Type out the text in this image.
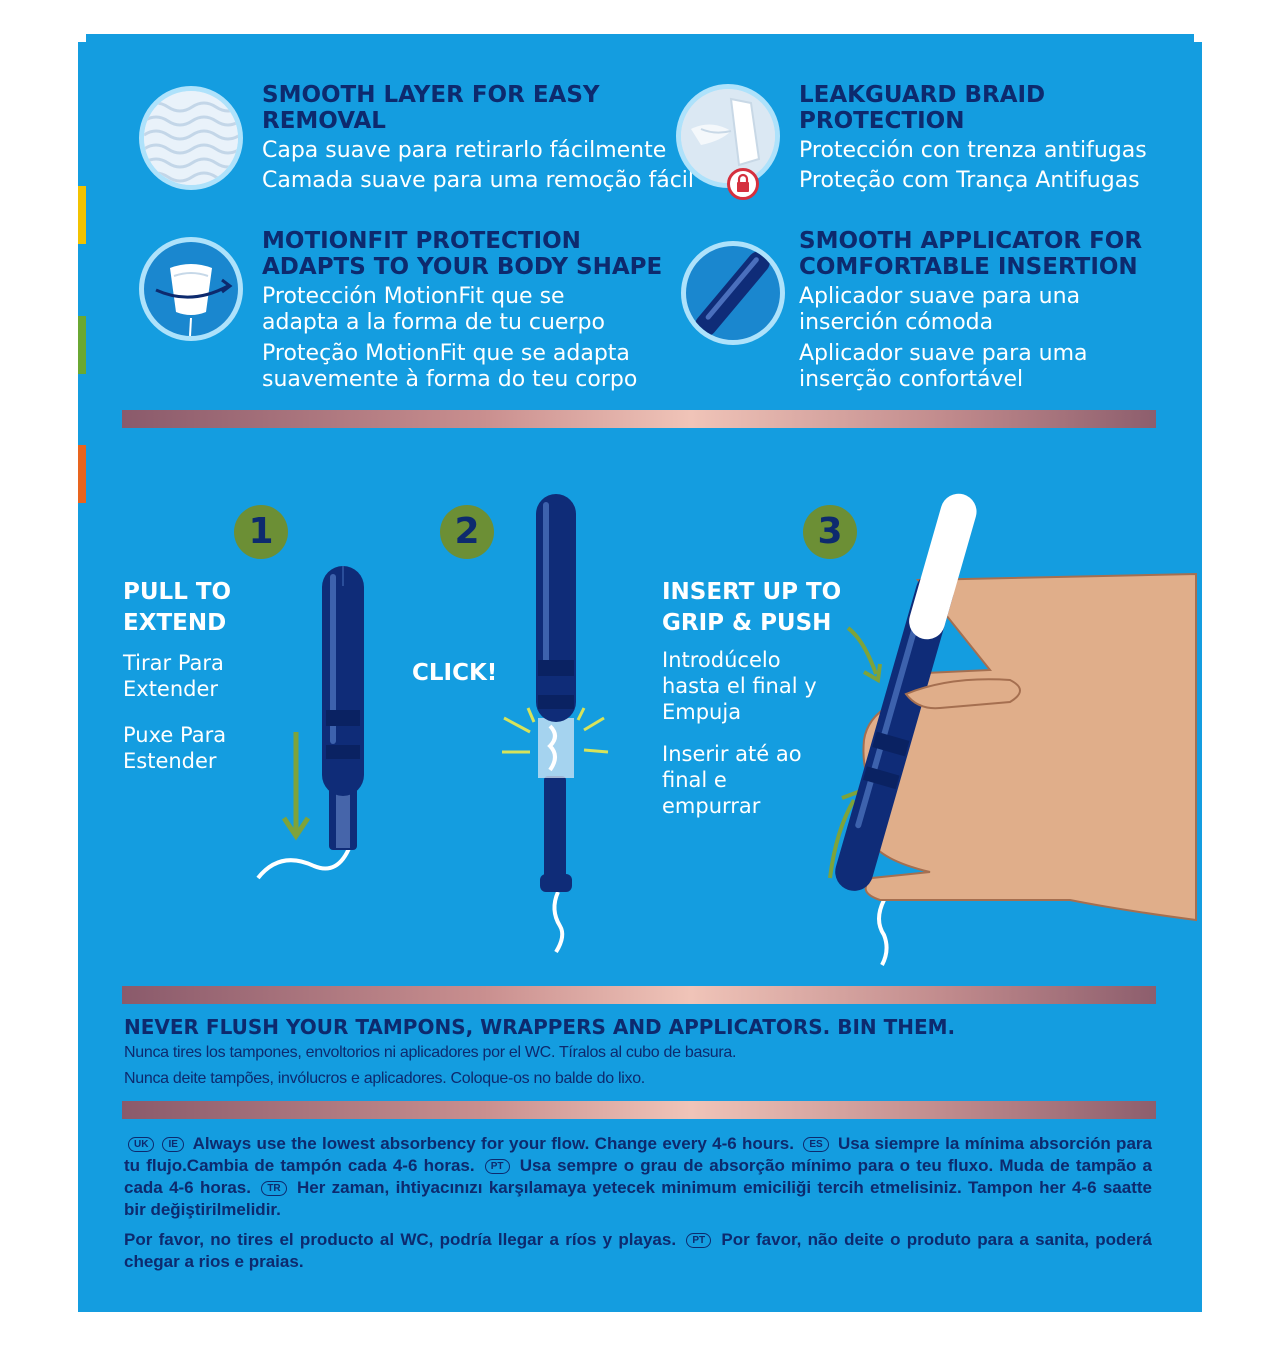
SMOOTH LAYER FOR EASY
REMOVAL
Capa suave para retirarlo fácilmente
Camada suave para uma remoção fácil
LEAKGUARD BRAID
PROTECTION
Protección con trenza antifugas
Proteção com Trança Antifugas
MOTIONFIT PROTECTION
ADAPTS TO YOUR BODY SHAPE
Protección MotionFit que se
adapta a la forma de tu cuerpo
Proteção MotionFit que se adapta
suavemente à forma do teu corpo
SMOOTH APPLICATOR FOR
COMFORTABLE INSERTION
Aplicador suave para una
inserción cómoda
Aplicador suave para uma
inserção confortável
1
PULL TO
EXTEND
Tirar Para
Extender
Puxe Para
Estender
2
CLICK!
3
INSERT UP TO
GRIP & PUSH
Introdúcelo
hasta el final y
Empuja
Inserir até ao
final e
empurrar
NEVER FLUSH YOUR TAMPONS, WRAPPERS AND APPLICATORS. BIN THEM.
Nunca tires los tampones, envoltorios ni aplicadores por el WC. Tíralos al cubo de basura.
Nunca deite tampões, invólucros e aplicadores. Coloque-os no balde do lixo.
UK IE Always use the lowest absorbency for your flow. Change every 4-6 hours. ES Usa siempre la mínima absorción para tu flujo.Cambia de tampón cada 4-6 horas. PT Usa sempre o grau de absorção mínimo para o teu fluxo. Muda de tampão a cada 4-6 horas. TR Her zaman, ihtiyacınızı karşılamaya yetecek minimum emiciliği tercih etmelisiniz. Tampon her 4-6 saatte bir değiştirilmelidir.
Por favor, no tires el producto al WC, podría llegar a ríos y playas. PT Por favor, não deite o produto para a sanita, poderá chegar a rios e praias.
